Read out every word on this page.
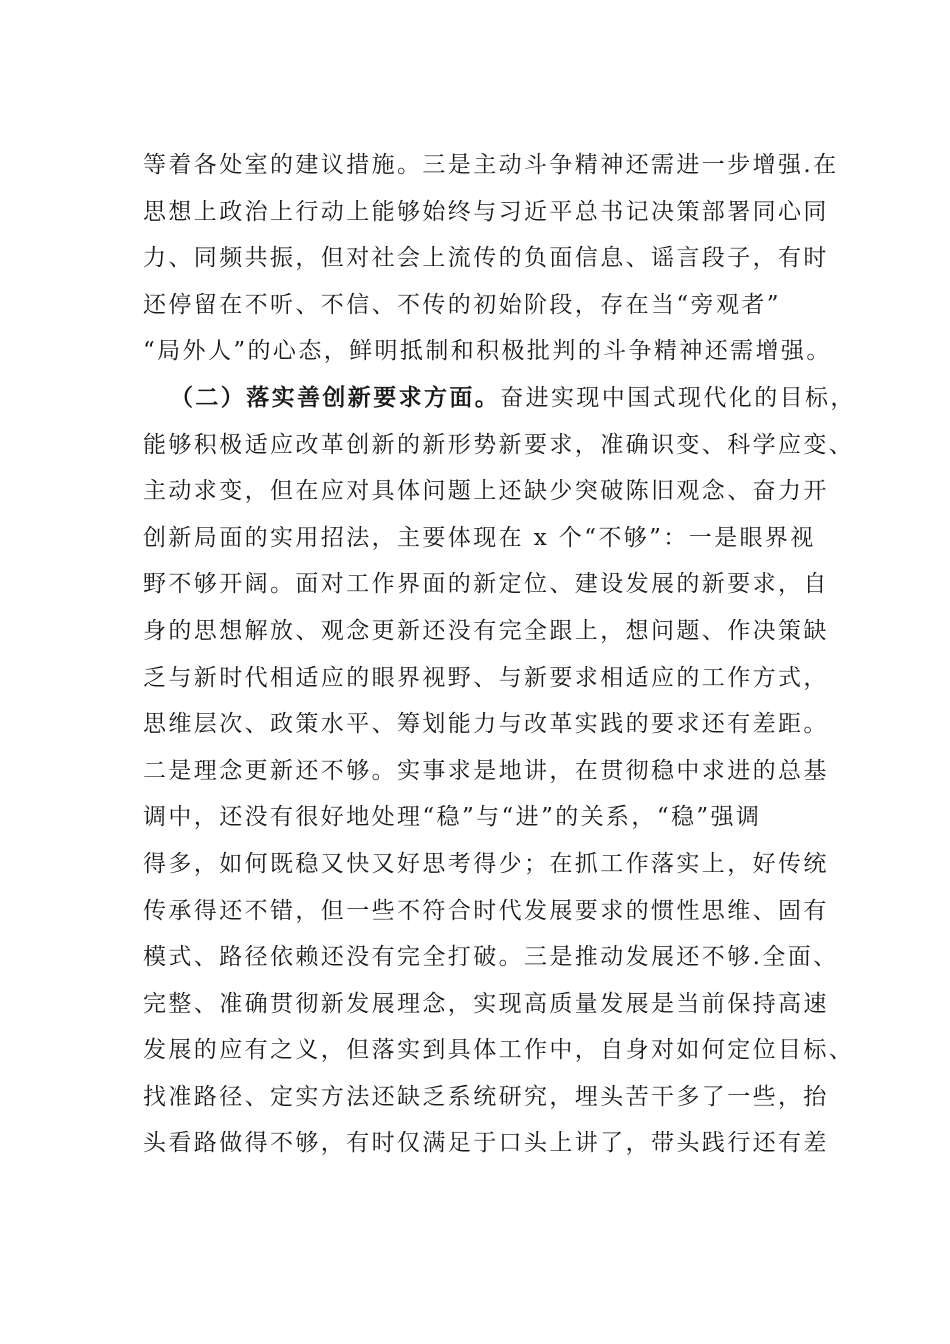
等着各处室的建议措施。三是主动斗争精神还需进一步增强.在
思想上政治上行动上能够始终与习近平总书记决策部署同心同
力、同频共振，但对社会上流传的负面信息、谣言段子，有时
还停留在不听、不信、不传的初始阶段，存在当“旁观者”
“局外人”的心态，鲜明抵制和积极批判的斗争精神还需增强。
（二）落实善创新要求方面。奋进实现中国式现代化的目标，
能够积极适应改革创新的新形势新要求，准确识变、科学应变、
主动求变，但在应对具体问题上还缺少突破陈旧观念、奋力开
创新局面的实用招法，主要体现在 x 个“不够”：一是眼界视
野不够开阔。面对工作界面的新定位、建设发展的新要求，自
身的思想解放、观念更新还没有完全跟上，想问题、作决策缺
乏与新时代相适应的眼界视野、与新要求相适应的工作方式，
思维层次、政策水平、筹划能力与改革实践的要求还有差距。
二是理念更新还不够。实事求是地讲，在贯彻稳中求进的总基
调中，还没有很好地处理“稳”与“进”的关系，“稳”强调
得多，如何既稳又快又好思考得少；在抓工作落实上，好传统
传承得还不错，但一些不符合时代发展要求的惯性思维、固有
模式、路径依赖还没有完全打破。三是推动发展还不够.全面、
完整、准确贯彻新发展理念，实现高质量发展是当前保持高速
发展的应有之义，但落实到具体工作中，自身对如何定位目标、
找准路径、定实方法还缺乏系统研究，埋头苦干多了一些，抬
头看路做得不够，有时仅满足于口头上讲了，带头践行还有差
